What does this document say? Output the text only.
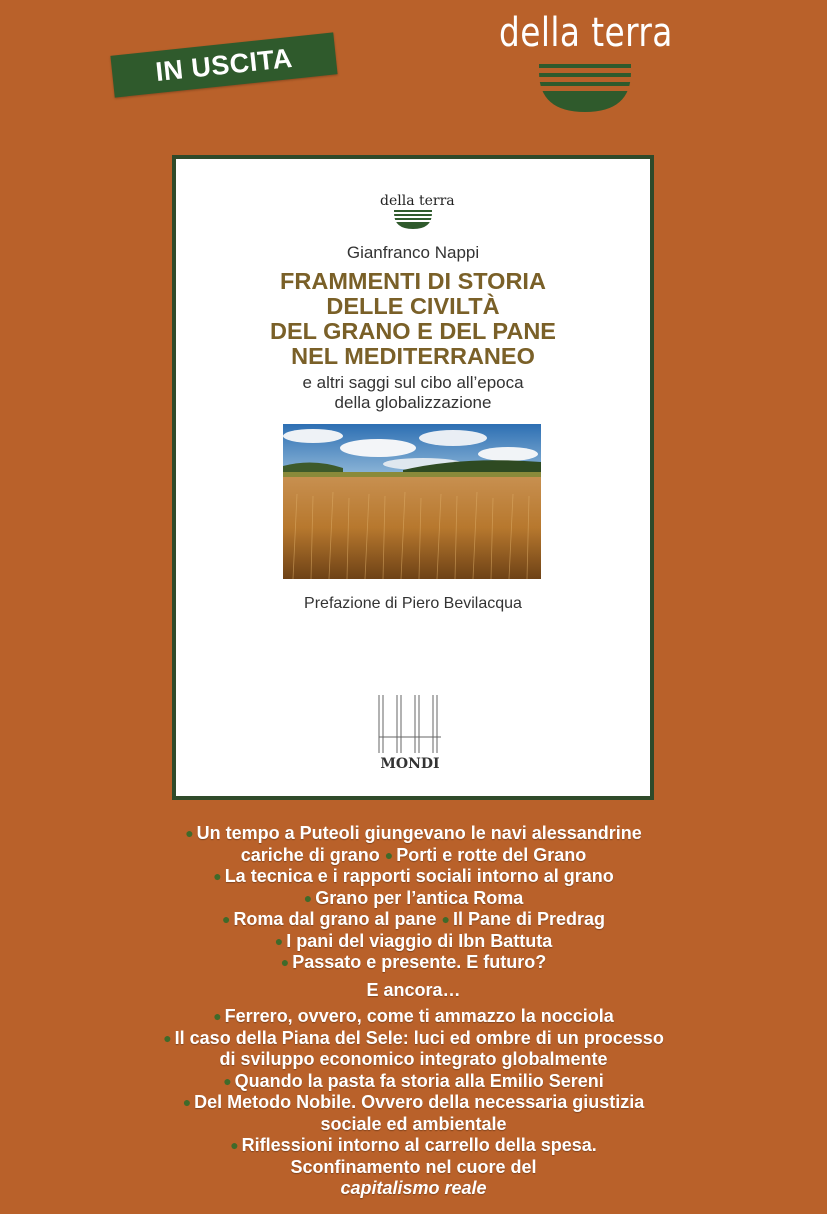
IN USCITA
della terra
della terra
Gianfranco Nappi
FRAMMENTI DI STORIA
DELLE CIVILTÀ
DEL GRANO E DEL PANE
NEL MEDITERRANEO
e altri saggi sul cibo all’epoca
della globalizzazione
Prefazione di Piero Bevilacqua
MONDI
● Un tempo a Puteoli giungevano le navi alessandrine
cariche di grano ● Porti e rotte del Grano
● La tecnica e i rapporti sociali intorno al grano
● Grano per l’antica Roma
● Roma dal grano al pane ● Il Pane di Predrag
● I pani del viaggio di Ibn Battuta
● Passato e presente. E futuro?
E ancora…
● Ferrero, ovvero, come ti ammazzo la nocciola
● Il caso della Piana del Sele: luci ed ombre di un processo
di sviluppo economico integrato globalmente
● Quando la pasta fa storia alla Emilio Sereni
● Del Metodo Nobile. Ovvero della necessaria giustizia
sociale ed ambientale
● Riflessioni intorno al carrello della spesa.
Sconfinamento nel cuore del
capitalismo reale
